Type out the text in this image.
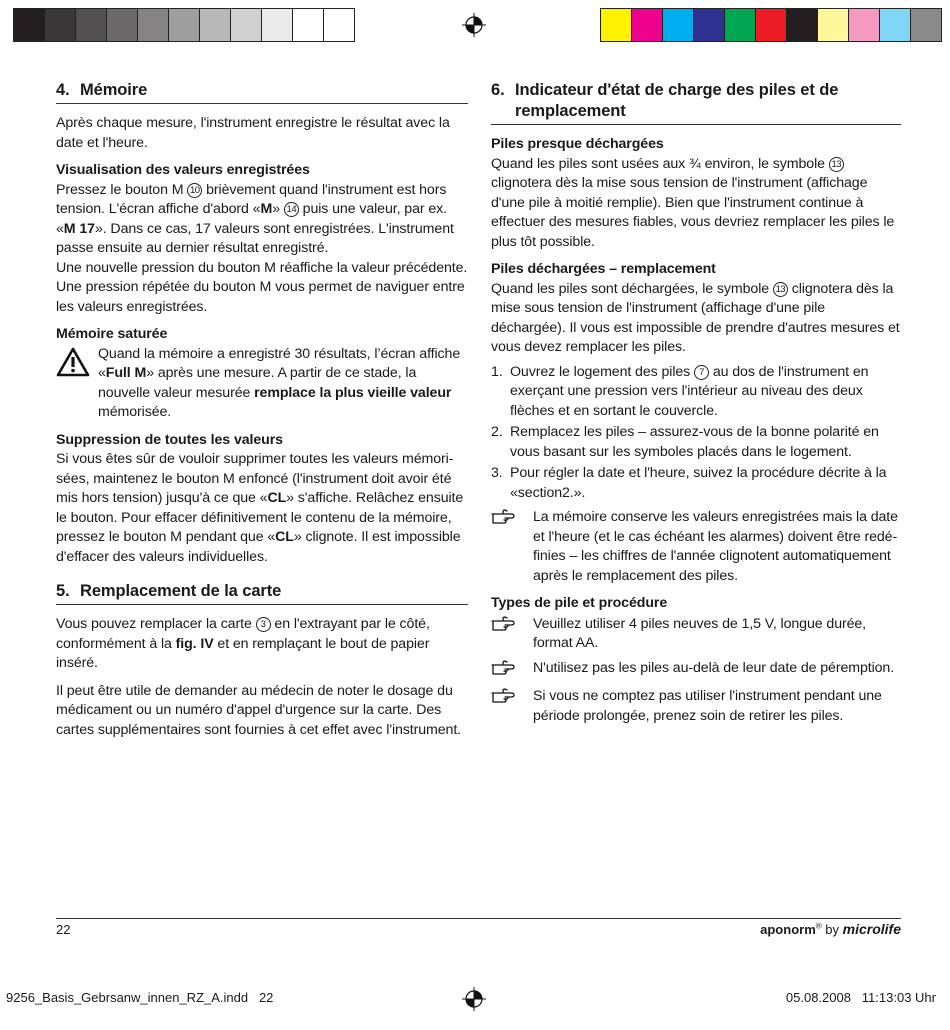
4. Mémoire

Après chaque mesure, l'instrument enregistre le résultat avec la date et l'heure.

Visualisation des valeurs enregistrées

Pressez le bouton M 10 brièvement quand l'instrument est hors tension. L'écran affiche d'abord «M» 14 puis une valeur, par ex. «M 17». Dans ce cas, 17 valeurs sont enregistrées. L'instrument passe ensuite au dernier résultat enregistré.

Une nouvelle pression du bouton M réaffiche la valeur précédente. Une pression répétée du bouton M vous permet de naviguer entre les valeurs enregistrées.

Mémoire saturée

Quand la mémoire a enregistré 30 résultats, l’écran affiche «Full M» après une mesure. A partir de ce stade, la nouvelle valeur mesurée remplace la plus vieille valeur mémorisée.

Suppression de toutes les valeurs

Si vous êtes sûr de vouloir supprimer toutes les valeurs mémorisées, maintenez le bouton M enfoncé (l'instrument doit avoir été mis hors tension) jusqu'à ce que «CL» s'affiche. Relâchez ensuite le bouton. Pour effacer définitivement le contenu de la mémoire, pressez le bouton M pendant que «CL» clignote. Il est impossible d'effacer des valeurs individuelles.

5. Remplacement de la carte

Vous pouvez remplacer la carte 3 en l'extrayant par le côté, conformément à la fig. IV et en remplaçant le bout de papier inséré.

Il peut être utile de demander au médecin de noter le dosage du médicament ou un numéro d'appel d'urgence sur la carte. Des cartes supplémentaires sont fournies à cet effet avec l'instrument.

6. Indicateur d'état de charge des piles et de remplacement
Piles presque déchargées

Quand les piles sont usées aux ¾ environ, le symbole 13 clignotera dès la mise sous tension de l'instrument (affichage d'une pile à moitié remplie). Bien que l'instrument continue à effectuer des mesures fiables, vous devriez remplacer les piles le plus tôt possible.

Piles déchargées – remplacement

Quand les piles sont déchargées, le symbole 13 clignotera dès la mise sous tension de l'instrument (affichage d'une pile déchargée). Il vous est impossible de prendre d'autres mesures et vous devez remplacer les piles.

1. Ouvrez le logement des piles 7 au dos de l'instrument en exerçant une pression vers l'intérieur au niveau des deux flèches et en sortant le couvercle.
2. Remplacez les piles – assurez-vous de la bonne polarité en vous basant sur les symboles placés dans le logement.
3. Pour régler la date et l'heure, suivez la procédure décrite à la «section2.».
La mémoire conserve les valeurs enregistrées mais la date et l'heure (et le cas échéant les alarmes) doivent être redéfinies – les chiffres de l'année clignotent automatiquement après le remplacement des piles.
Types de pile et procédure
Veuillez utiliser 4 piles neuves de 1,5 V, longue durée, format AA.
N'utilisez pas les piles au-delà de leur date de péremption.
Si vous ne comptez pas utiliser l'instrument pendant une période prolongée, prenez soin de retirer les piles.
22	aponorm® by microlife
9256_Basis_Gebrsanw_innen_RZ_A.indd   22	05.08.2008   11:13:03 Uhr
